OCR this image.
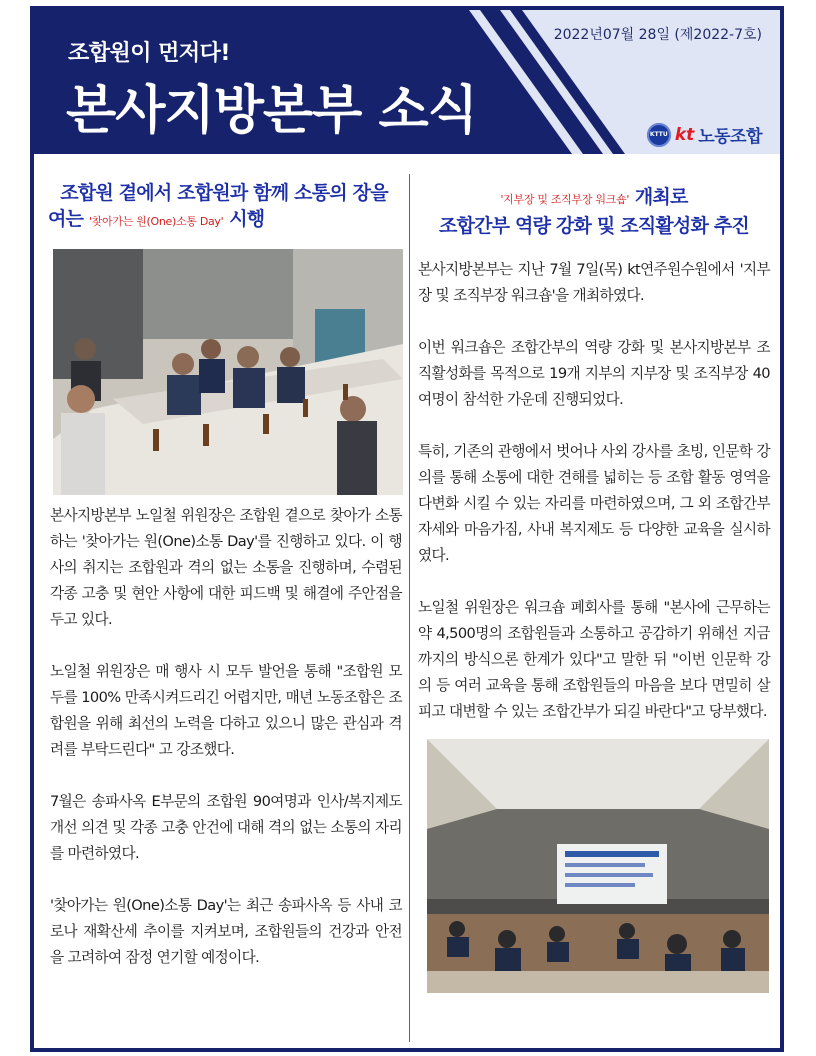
조합원이 먼저다!
본사지방본부 소식
2022년07월 28일 (제2022-7호)
KTTU kt 노동조합
조합원 곁에서 조합원과 함께 소통의 장을
여는 '찾아가는 원(One)소통 Day' 시행

본사지방본부 노일철 위원장은 조합원 곁으로 찾아가 소통하는 '찾아가는 원(One)소통 Day'를 진행하고 있다. 이 행사의 취지는 조합원과 격의 없는 소통을 진행하며, 수렴된 각종 고충 및 현안 사항에 대한 피드백 및 해결에 주안점을 두고 있다.

노일철 위원장은 매 행사 시 모두 발언을 통해 "조합원 모두를 100% 만족시켜드리긴 어렵지만, 매년 노동조합은 조합원을 위해 최선의 노력을 다하고 있으니 많은 관심과 격려를 부탁드린다" 고 강조했다.

7월은 송파사옥 E부문의 조합원 90여명과 인사/복지제도 개선 의견 및 각종 고충 안건에 대해 격의 없는 소통의 자리를 마련하였다.

'찾아가는 원(One)소통 Day'는 최근 송파사옥 등 사내 코로나 재확산세 추이를 지켜보며, 조합원들의 건강과 안전을 고려하여 잠정 연기할 예정이다.

'지부장 및 조직부장 워크숍' 개최로
조합간부 역량 강화 및 조직활성화 추진

본사지방본부는 지난 7월 7일(목) kt연주원수원에서 '지부장 및 조직부장 워크숍'을 개최하였다.

이번 워크숍은 조합간부의 역량 강화 및 본사지방본부 조직활성화를 목적으로 19개 지부의 지부장 및 조직부장 40여명이 참석한 가운데 진행되었다.

특히, 기존의 관행에서 벗어나 사외 강사를 초빙, 인문학 강의를 통해 소통에 대한 견해를 넓히는 등 조합 활동 영역을 다변화 시킬 수 있는 자리를 마련하였으며, 그 외 조합간부 자세와 마음가짐, 사내 복지제도 등 다양한 교육을 실시하였다.

노일철 위원장은 워크숍 폐회사를 통해 "본사에 근무하는 약 4,500명의 조합원들과 소통하고 공감하기 위해선 지금까지의 방식으론 한계가 있다"고 말한 뒤 "이번 인문학 강의 등 여러 교육을 통해 조합원들의 마음을 보다 면밀히 살피고 대변할 수 있는 조합간부가 되길 바란다"고 당부했다.
